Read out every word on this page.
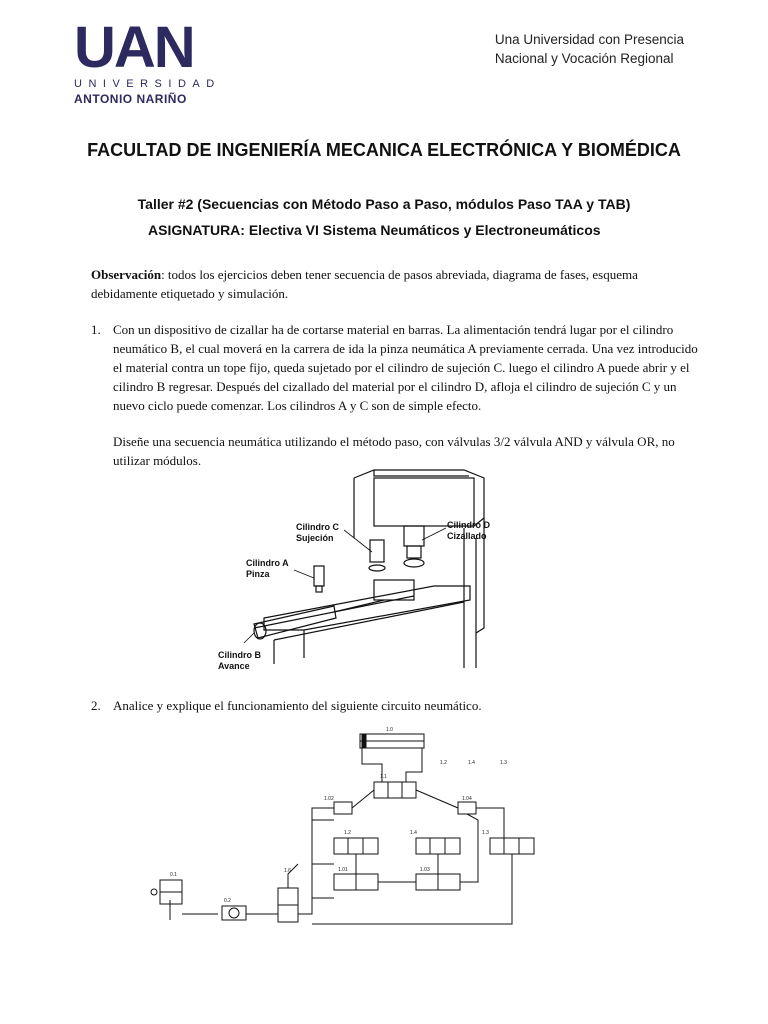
UAN
UNIVERSIDAD
ANTONIO NARIÑO
Una Universidad con Presencia
Nacional y Vocación Regional
FACULTAD DE INGENIERÍA MECANICA ELECTRÓNICA Y BIOMÉDICA
Taller #2 (Secuencias con Método Paso a Paso, módulos Paso TAA y TAB)
ASIGNATURA: Electiva VI Sistema Neumáticos y Electroneumáticos
Observación: todos los ejercicios deben tener secuencia de pasos abreviada, diagrama de fases, esquema debidamente etiquetado y simulación.
1. Con un dispositivo de cizallar ha de cortarse material en barras. La alimentación tendrá lugar por el cilindro neumático B, el cual moverá en la carrera de ida la pinza neumática A previamente cerrada. Una vez introducido el material contra un tope fijo, queda sujetado por el cilindro de sujeción C. luego el cilindro A puede abrir y el cilindro B regresar. Después del cizallado del material por el cilindro D, afloja el cilindro de sujeción C y un nuevo ciclo puede comenzar. Los cilindros A y C son de simple efecto.
Diseñe una secuencia neumática utilizando el método paso, con válvulas 3/2 válvula AND y válvula OR, no utilizar módulos.
Cilindro C
Sujeción
Cilindro D
Cizallado
Cilindro A
Pinza
Cilindro B
Avance
2. Analice y explique el funcionamiento del siguiente circuito neumático.
1.0
1.2	1.4	1.3
1.1
1.02	1.04
1.2	1.4	1.3
1.01	1.03
0.1
0.2
1.6
